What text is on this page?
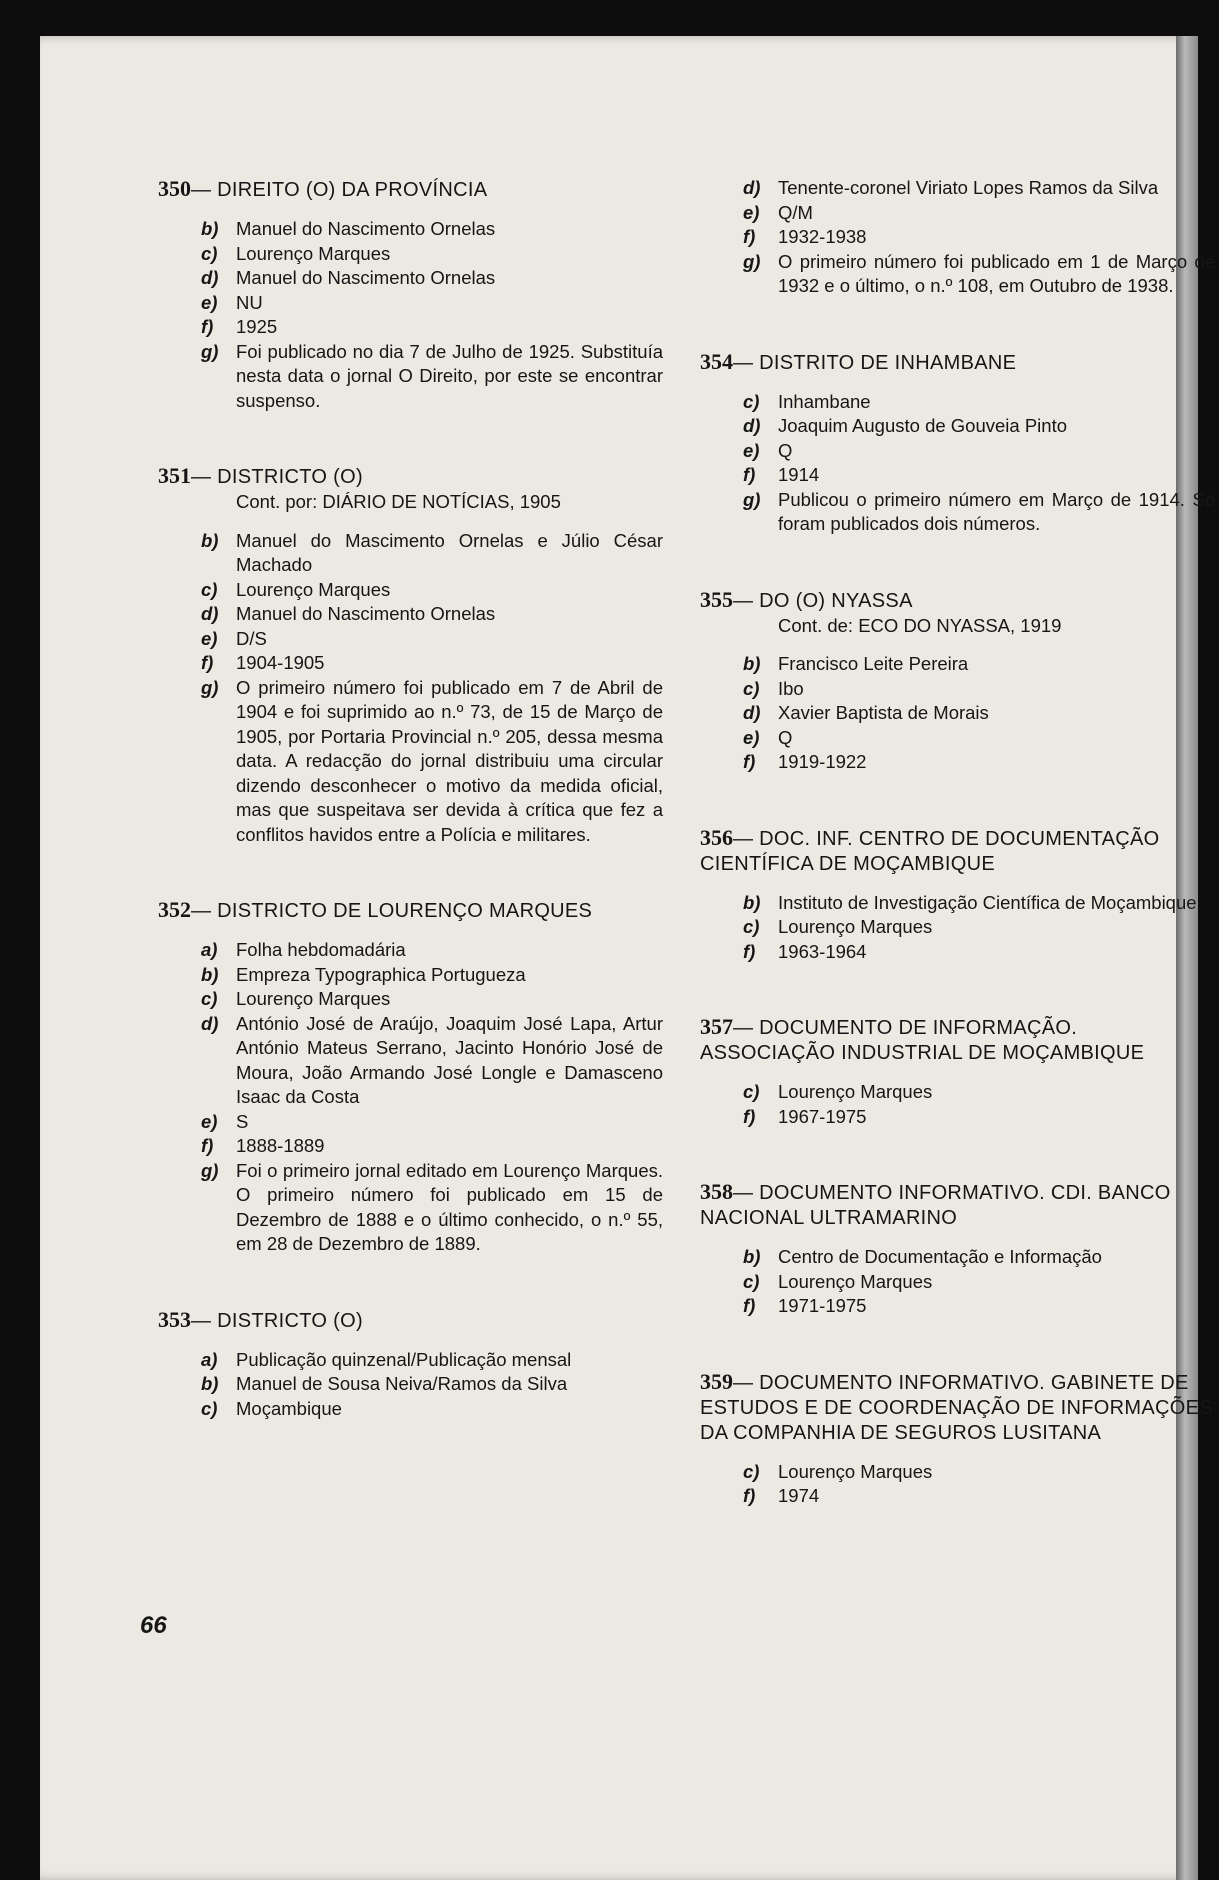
350— DIREITO (O) DA PROVÍNCIA
b) Manuel do Nascimento Ornelas
c)	Lourenço Marques
d) Manuel do Nascimento Ornelas
e)	NU
f)	1925
g) Foi publicado no dia 7 de Julho de 1925. Substituía nesta data o jornal O Direito, por este se encontrar suspenso.
351— DISTRICTO (O)
Cont. por: DIÁRIO DE NOTÍCIAS, 1905
b) Manuel do Mascimento Ornelas e Júlio César Machado
c)	Lourenço Marques
d) Manuel do Nascimento Ornelas
e)	D/S
f)	1904-1905
g) O primeiro número foi publicado em 7 de Abril de 1904 e foi suprimido ao n.º 73, de 15 de Março de 1905, por Portaria Provincial n.º 205, dessa mesma data. A redacção do jornal distribuiu uma circular dizendo desconhecer o motivo da medida oficial, mas que suspeitava ser devida à crítica que fez a conflitos havidos entre a Polícia e militares.
352— DISTRICTO DE LOURENÇO MARQUES
a)	Folha hebdomadária
b) Empreza Typographica Portugueza
c)	Lourenço Marques
d) António José de Araújo, Joaquim José Lapa, Artur António Mateus Serrano, Jacinto Honório José de Moura, João Armando José Longle e Damasceno Isaac da Costa
e)	S
f)	1888-1889
g) Foi o primeiro jornal editado em Lourenço Marques. O primeiro número foi publicado em 15 de Dezembro de 1888 e o último conhecido, o n.º 55, em 28 de Dezembro de 1889.
353— DISTRICTO (O)
a)	Publicação quinzenal/Publicação mensal
b) Manuel de Sousa Neiva/Ramos da Silva
c)	Moçambique
d) Tenente-coronel Viriato Lopes Ramos da Silva
e)	Q/M
f)	1932-1938
g) O primeiro número foi publicado em 1 de Março de 1932 e o último, o n.º 108, em Outubro de 1938.
354— DISTRITO DE INHAMBANE
c)	Inhambane
d) Joaquim Augusto de Gouveia Pinto
e)	Q
f)	1914
g) Publicou o primeiro número em Março de 1914. Só foram publicados dois números.
355— DO (O) NYASSA
Cont. de: ECO DO NYASSA, 1919
b) Francisco Leite Pereira
c)	Ibo
d) Xavier Baptista de Morais
e)	Q
f)	1919-1922
356— DOC. INF. CENTRO DE DOCUMENTAÇÃO CIENTÍFICA DE MOÇAMBIQUE
b) Instituto de Investigação Científica de Moçambique
c)	Lourenço Marques
f)	1963-1964
357— DOCUMENTO DE INFORMAÇÃO. ASSOCIAÇÃO INDUSTRIAL DE MOÇAMBIQUE
c)	Lourenço Marques
f)	1967-1975
358— DOCUMENTO INFORMATIVO. CDI. BANCO NACIONAL ULTRAMARINO
b) Centro de Documentação e Informação
c)	Lourenço Marques
f)	1971-1975
359— DOCUMENTO INFORMATIVO. GABINETE DE ESTUDOS E DE COORDENAÇÃO DE INFORMAÇÕES DA COMPANHIA DE SEGUROS LUSITANA
c)	Lourenço Marques
f)	1974
66
